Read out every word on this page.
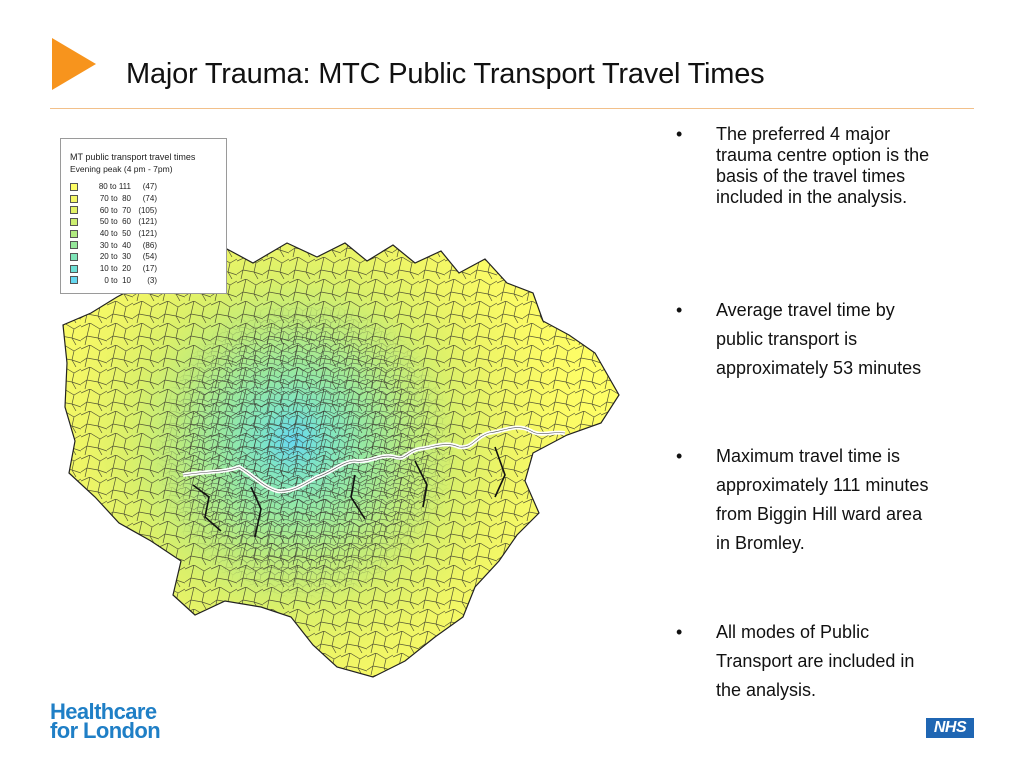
Major Trauma: MTC Public Transport Travel Times
MT public transport travel times
Evening peak (4 pm - 7pm)
80 to 111	(47)
70 to  80	(74)
60 to  70 (105)
50 to  60 (121)
40 to  50 (121)
30 to  40	(86)
20 to  30	(54)
10 to  20	(17)
0 to  10	(3)
• The preferred 4 major trauma centre option is the basis of the travel times included in the analysis.
• Average travel time by public transport is approximately 53 minutes
• Maximum travel time is approximately 111 minutes from Biggin Hill ward area in Bromley.
• All modes of Public Transport are included in the analysis.
Healthcare
for London	NHS
